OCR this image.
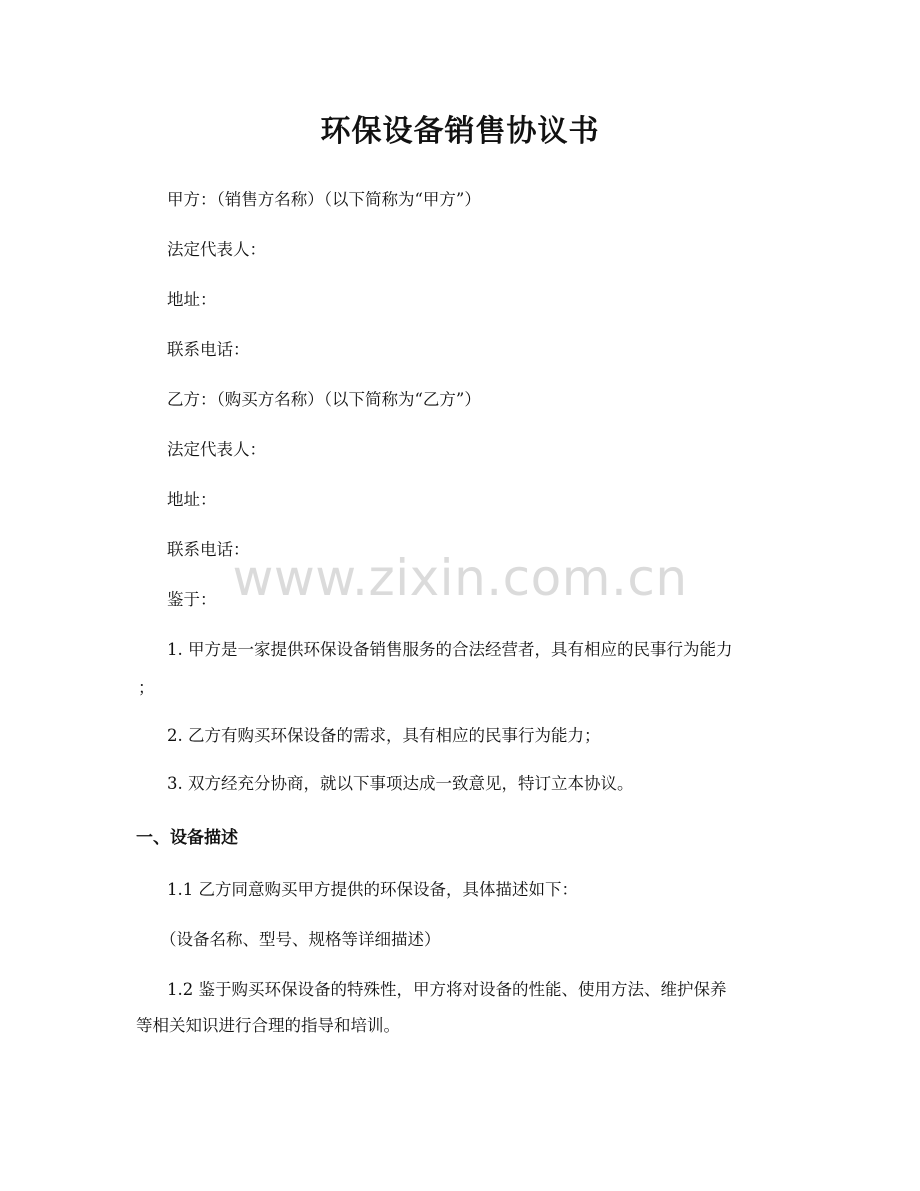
环保设备销售协议书
甲方：（销售方名称）（以下简称为“甲方”）
法定代表人：
地址：
联系电话：
乙方：（购买方名称）（以下简称为“乙方”）
法定代表人：
地址：
联系电话：
鉴于：
1. 甲方是一家提供环保设备销售服务的合法经营者，具有相应的民事行为能力
；
2. 乙方有购买环保设备的需求，具有相应的民事行为能力；
3. 双方经充分协商，就以下事项达成一致意见，特订立本协议。
一、设备描述
1.1 乙方同意购买甲方提供的环保设备，具体描述如下：
（设备名称、型号、规格等详细描述）
1.2 鉴于购买环保设备的特殊性，甲方将对设备的性能、使用方法、维护保养
等相关知识进行合理的指导和培训。
www.zixin.com.cn
